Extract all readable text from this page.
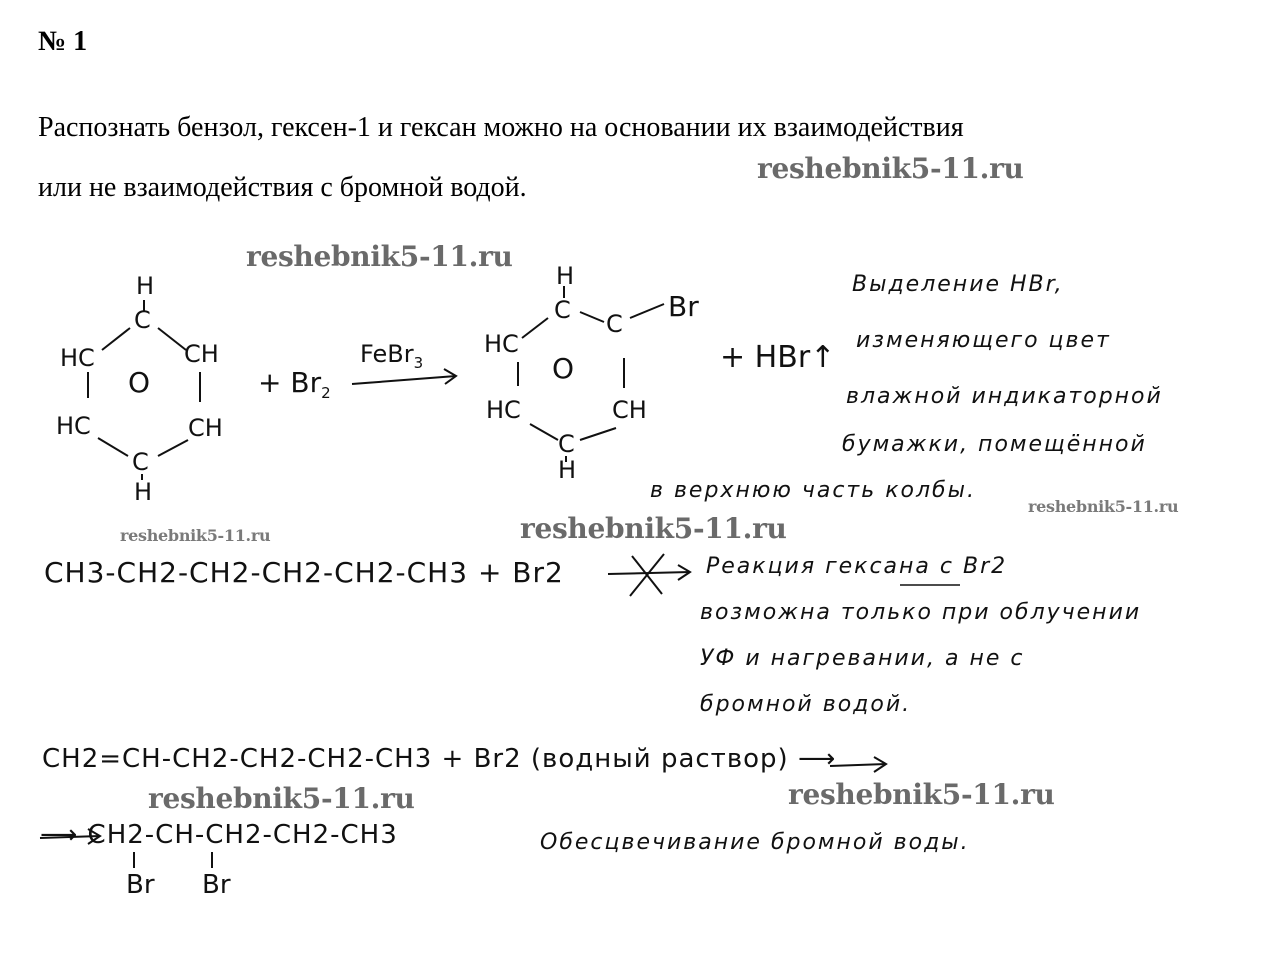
№ 1
Распознать бензол, гексен-1 и гексан можно на основании их взаимодействия
или не взаимодействия с бромной водой.
reshebnik5-11.ru
reshebnik5-11.ru
reshebnik5-11.ru	reshebnik5-11.ru
reshebnik5-11.ru
reshebnik5-11.ru	reshebnik5-11.ru
H
C
HC	CH
O
HC	CH
C
H
+ $Br_2$
FeBr$_3$
H
C C
Br
HC
O
HC	CH
C
H
+ HBr↑
Выделение HBr,
изменяющего цвет
влажной индикаторной
бумажки, помещённой
в верхнюю часть колбы.
CH3-CH2-CH2-CH2-CH2-CH3 + Br2	Реакция гексана с Br2
возможна только при облучении
УФ и нагревании, а не с
бромной водой.
CH2=CH-CH2-CH2-CH2-CH3 + Br2 (водный раствор) ⟶
⟶ CH2-CH-CH2-CH2-CH3
Br Br
Обесцвечивание бромной воды.
